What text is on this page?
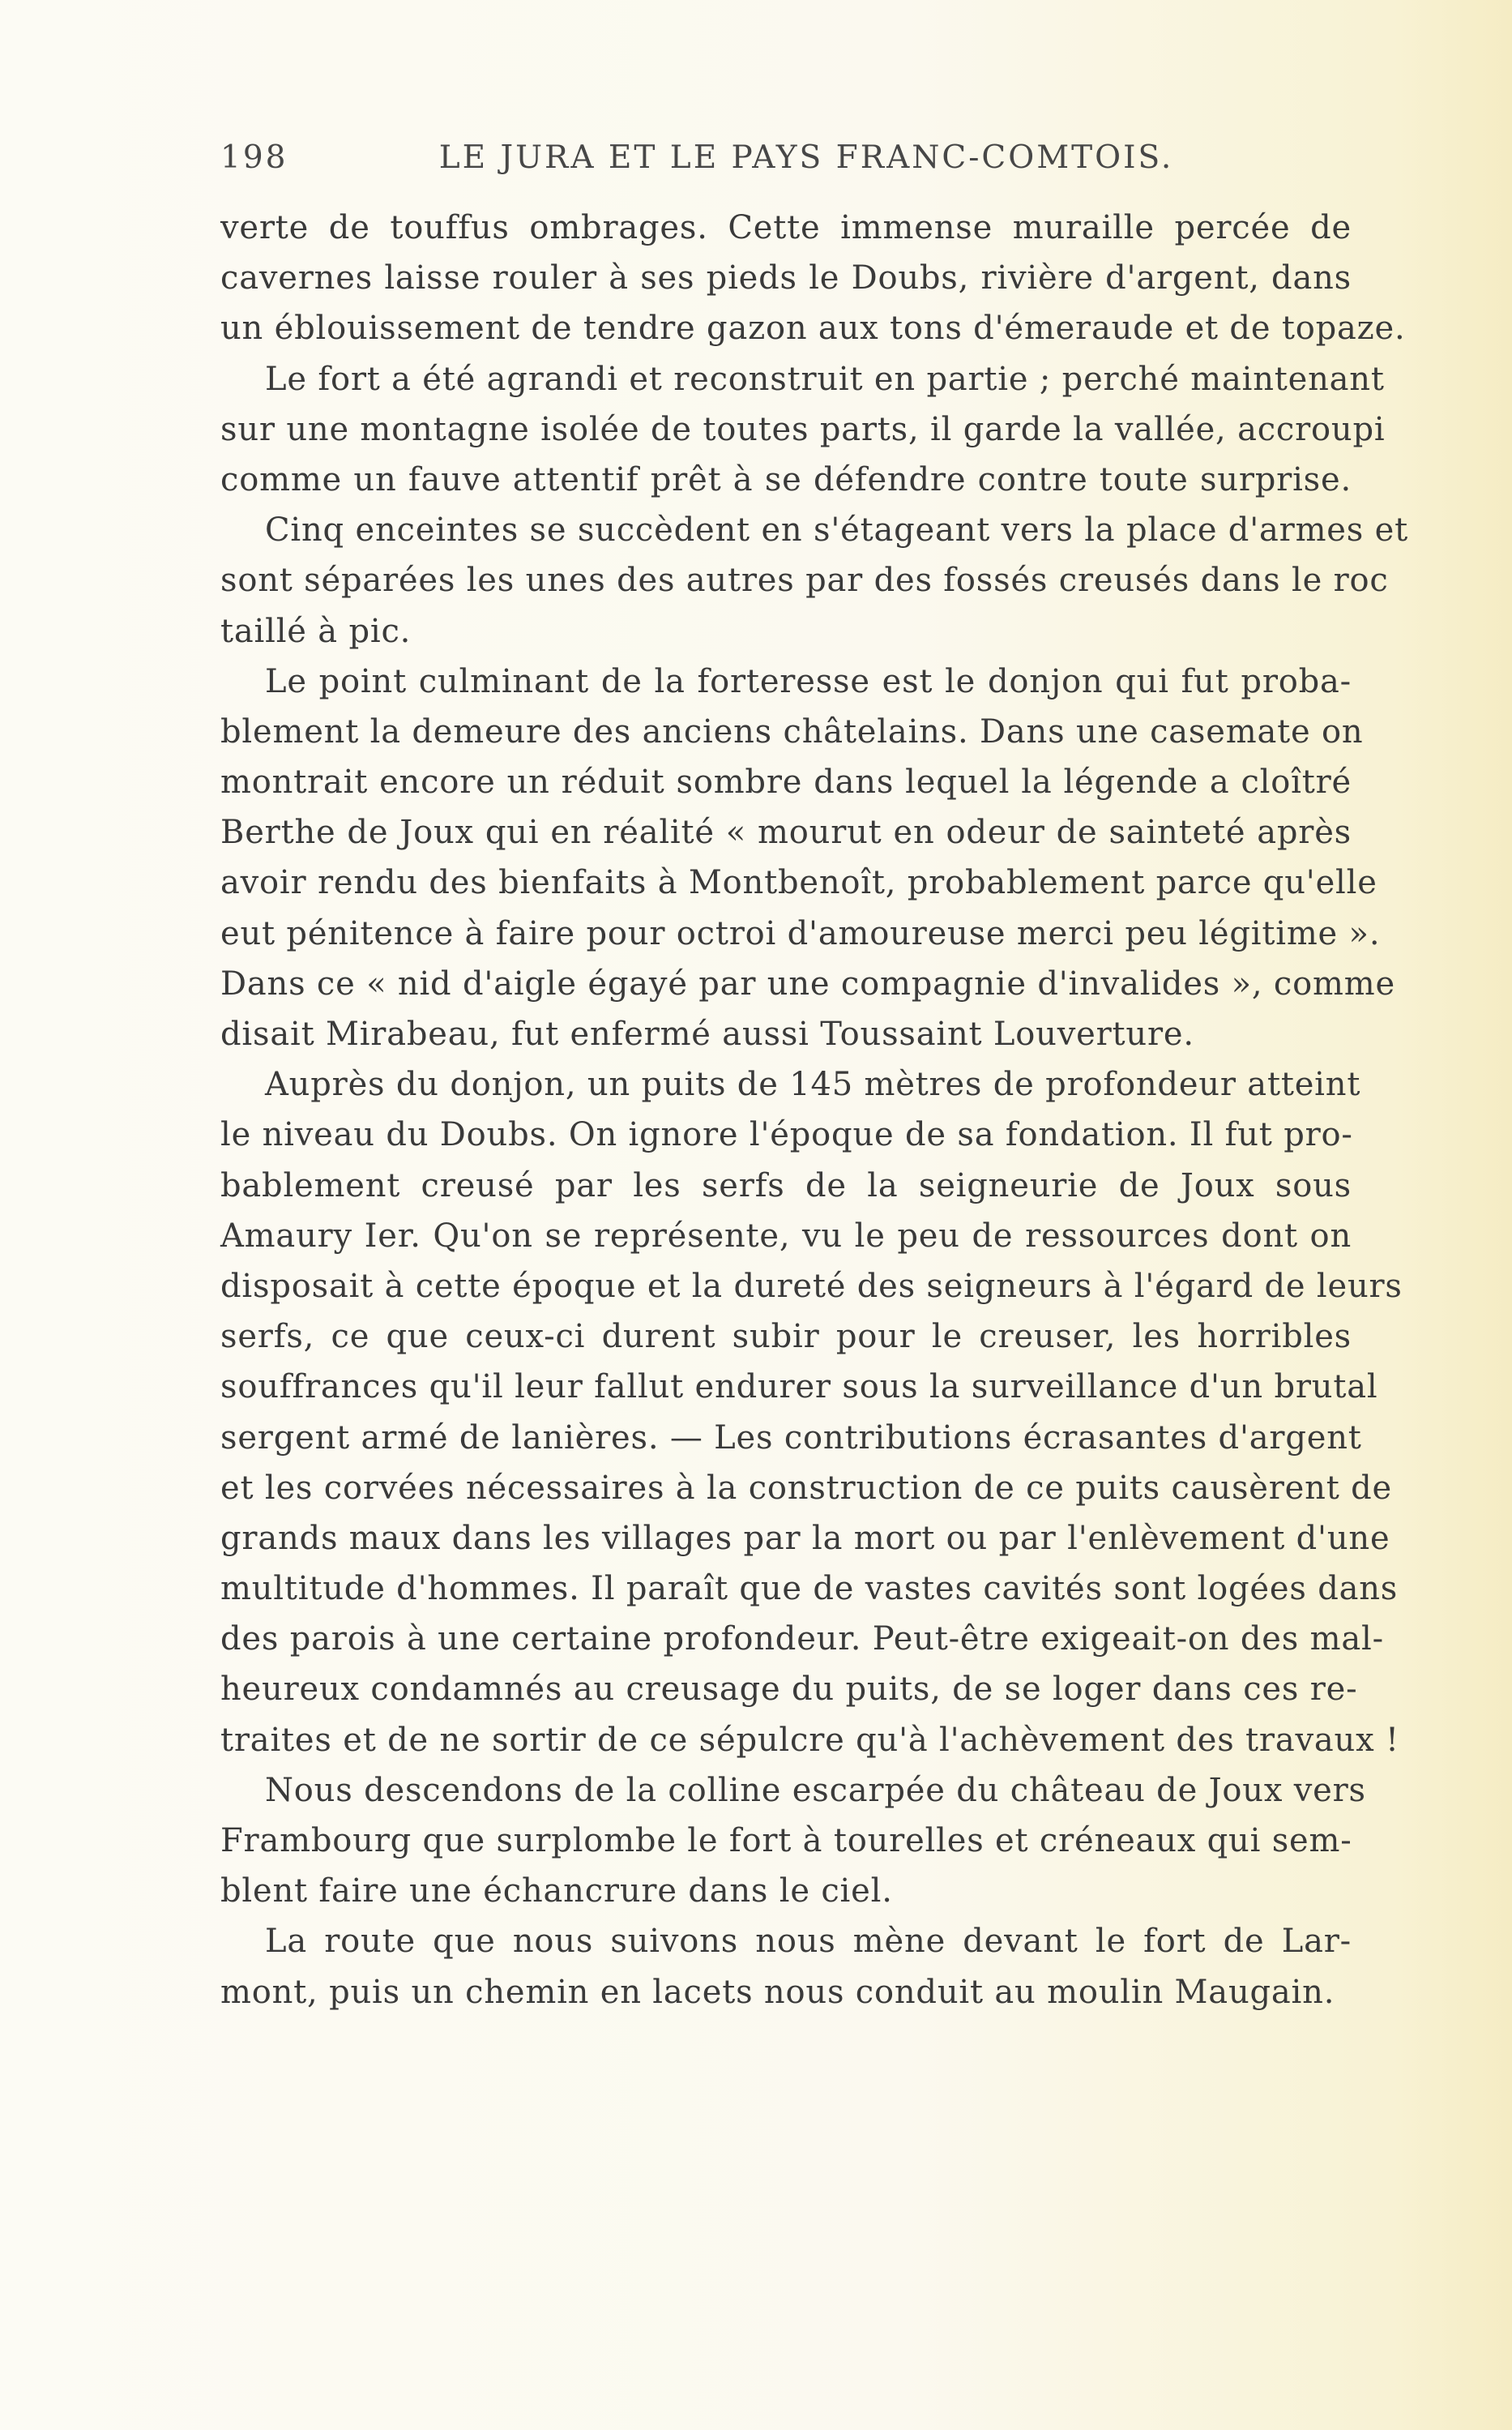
198	LE JURA ET LE PAYS FRANC-COMTOIS.
verte de touffus ombrages. Cette immense muraille percée de
cavernes laisse rouler à ses pieds le Doubs, rivière d'argent, dans
un éblouissement de tendre gazon aux tons d'émeraude et de topaze.
Le fort a été agrandi et reconstruit en partie ; perché maintenant
sur une montagne isolée de toutes parts, il garde la vallée, accroupi
comme un fauve attentif prêt à se défendre contre toute surprise.
Cinq enceintes se succèdent en s'étageant vers la place d'armes et
sont séparées les unes des autres par des fossés creusés dans le roc
taillé à pic.
Le point culminant de la forteresse est le donjon qui fut proba-
blement la demeure des anciens châtelains. Dans une casemate on
montrait encore un réduit sombre dans lequel la légende a cloîtré
Berthe de Joux qui en réalité « mourut en odeur de sainteté après
avoir rendu des bienfaits à Montbenoît, probablement parce qu'elle
eut pénitence à faire pour octroi d'amoureuse merci peu légitime ».
Dans ce « nid d'aigle égayé par une compagnie d'invalides », comme
disait Mirabeau, fut enfermé aussi Toussaint Louverture.
Auprès du donjon, un puits de 145 mètres de profondeur atteint
le niveau du Doubs. On ignore l'époque de sa fondation. Il fut pro-
bablement creusé par les serfs de la seigneurie de Joux sous
Amaury Ier. Qu'on se représente, vu le peu de ressources dont on
disposait à cette époque et la dureté des seigneurs à l'égard de leurs
serfs, ce que ceux-ci durent subir pour le creuser, les horribles
souffrances qu'il leur fallut endurer sous la surveillance d'un brutal
sergent armé de lanières. — Les contributions écrasantes d'argent
et les corvées nécessaires à la construction de ce puits causèrent de
grands maux dans les villages par la mort ou par l'enlèvement d'une
multitude d'hommes. Il paraît que de vastes cavités sont logées dans
des parois à une certaine profondeur. Peut-être exigeait-on des mal-
heureux condamnés au creusage du puits, de se loger dans ces re-
traites et de ne sortir de ce sépulcre qu'à l'achèvement des travaux !
Nous descendons de la colline escarpée du château de Joux vers
Frambourg que surplombe le fort à tourelles et créneaux qui sem-
blent faire une échancrure dans le ciel.
La route que nous suivons nous mène devant le fort de Lar-
mont, puis un chemin en lacets nous conduit au moulin Maugain.
